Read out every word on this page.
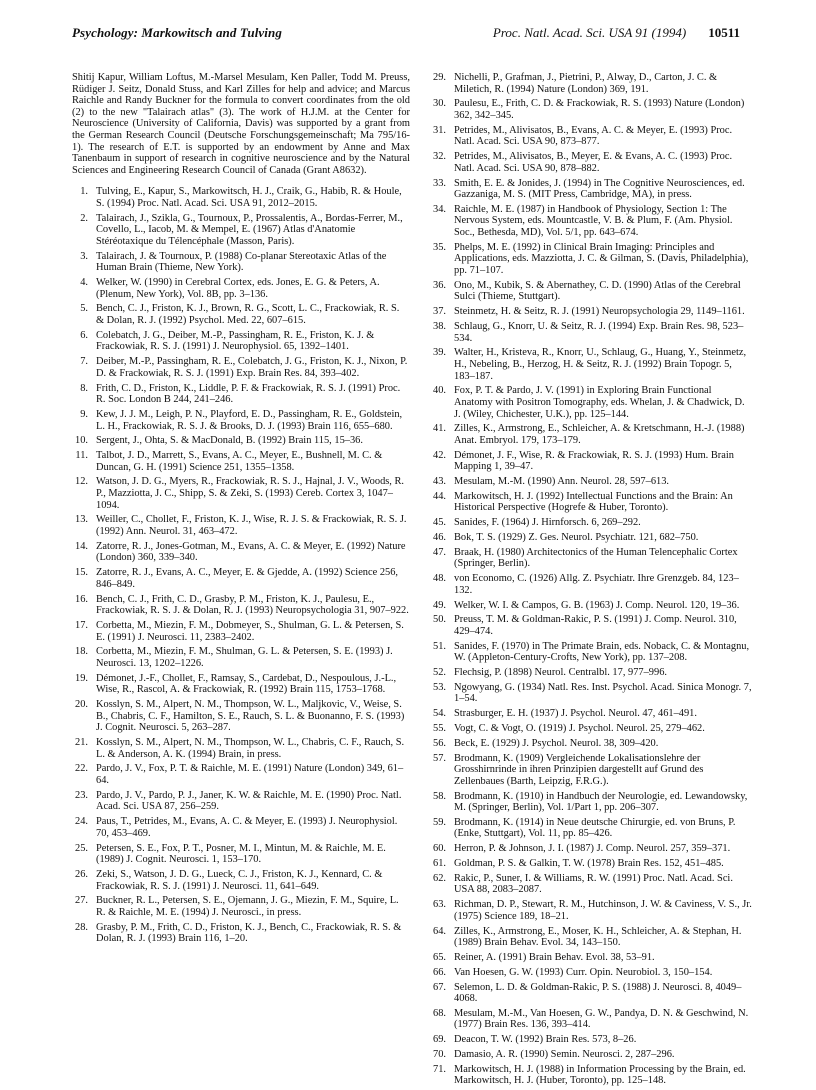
Psychology: Markowitsch and Tulving	Proc. Natl. Acad. Sci. USA 91 (1994) 10511

Shitij Kapur, William Loftus, M.-Marsel Mesulam, Ken Paller, Todd M. Preuss, Rüdiger J. Seitz, Donald Stuss, and Karl Zilles for help and advice; and Marcus Raichle and Randy Buckner for the formula to convert coordinates from the old (2) to the new "Talairach atlas" (3). The work of H.J.M. at the Center for Neuroscience (University of California, Davis) was supported by a grant from the German Research Council (Deutsche Forschungsgemeinschaft; Ma 795/16-1). The research of E.T. is supported by an endowment by Anne and Max Tanenbaum in support of research in cognitive neuroscience and by the Natural Sciences and Engineering Research Council of Canada (Grant A8632).

1. Tulving, E., Kapur, S., Markowitsch, H. J., Craik, G., Habib, R. & Houle, S. (1994) Proc. Natl. Acad. Sci. USA 91, 2012–2015.
2. Talairach, J., Szikla, G., Tournoux, P., Prossalentis, A., Bordas-Ferrer, M., Covello, L., Iacob, M. & Mempel, E. (1967) Atlas d'Anatomie Stéréotaxique du Télencéphale (Masson, Paris).
3. Talairach, J. & Tournoux, P. (1988) Co-planar Stereotaxic Atlas of the Human Brain (Thieme, New York).
4. Welker, W. (1990) in Cerebral Cortex, eds. Jones, E. G. & Peters, A. (Plenum, New York), Vol. 8B, pp. 3–136.
5. Bench, C. J., Friston, K. J., Brown, R. G., Scott, L. C., Frackowiak, R. S. & Dolan, R. J. (1992) Psychol. Med. 22, 607–615.
6. Colebatch, J. G., Deiber, M.-P., Passingham, R. E., Friston, K. J. & Frackowiak, R. S. J. (1991) J. Neurophysiol. 65, 1392–1401.
7. Deiber, M.-P., Passingham, R. E., Colebatch, J. G., Friston, K. J., Nixon, P. D. & Frackowiak, R. S. J. (1991) Exp. Brain Res. 84, 393–402.
8. Frith, C. D., Friston, K., Liddle, P. F. & Frackowiak, R. S. J. (1991) Proc. R. Soc. London B 244, 241–246.
9. Kew, J. J. M., Leigh, P. N., Playford, E. D., Passingham, R. E., Goldstein, L. H., Frackowiak, R. S. J. & Brooks, D. J. (1993) Brain 116, 655–680.
10. Sergent, J., Ohta, S. & MacDonald, B. (1992) Brain 115, 15–36.
11. Talbot, J. D., Marrett, S., Evans, A. C., Meyer, E., Bushnell, M. C. & Duncan, G. H. (1991) Science 251, 1355–1358.
12. Watson, J. D. G., Myers, R., Frackowiak, R. S. J., Hajnal, J. V., Woods, R. P., Mazziotta, J. C., Shipp, S. & Zeki, S. (1993) Cereb. Cortex 3, 1047–1094.
13. Weiller, C., Chollet, F., Friston, K. J., Wise, R. J. S. & Frackowiak, R. S. J. (1992) Ann. Neurol. 31, 463–472.
14. Zatorre, R. J., Jones-Gotman, M., Evans, A. C. & Meyer, E. (1992) Nature (London) 360, 339–340.
15. Zatorre, R. J., Evans, A. C., Meyer, E. & Gjedde, A. (1992) Science 256, 846–849.
16. Bench, C. J., Frith, C. D., Grasby, P. M., Friston, K. J., Paulesu, E., Frackowiak, R. S. J. & Dolan, R. J. (1993) Neuropsychologia 31, 907–922.
17. Corbetta, M., Miezin, F. M., Dobmeyer, S., Shulman, G. L. & Petersen, S. E. (1991) J. Neurosci. 11, 2383–2402.
18. Corbetta, M., Miezin, F. M., Shulman, G. L. & Petersen, S. E. (1993) J. Neurosci. 13, 1202–1226.
19. Démonet, J.-F., Chollet, F., Ramsay, S., Cardebat, D., Nespoulous, J.-L., Wise, R., Rascol, A. & Frackowiak, R. (1992) Brain 115, 1753–1768.
20. Kosslyn, S. M., Alpert, N. M., Thompson, W. L., Maljkovic, V., Weise, S. B., Chabris, C. F., Hamilton, S. E., Rauch, S. L. & Buonanno, F. S. (1993) J. Cognit. Neurosci. 5, 263–287.
21. Kosslyn, S. M., Alpert, N. M., Thompson, W. L., Chabris, C. F., Rauch, S. L. & Anderson, A. K. (1994) Brain, in press.
22. Pardo, J. V., Fox, P. T. & Raichle, M. E. (1991) Nature (London) 349, 61–64.
23. Pardo, J. V., Pardo, P. J., Janer, K. W. & Raichle, M. E. (1990) Proc. Natl. Acad. Sci. USA 87, 256–259.
24. Paus, T., Petrides, M., Evans, A. C. & Meyer, E. (1993) J. Neurophysiol. 70, 453–469.
25. Petersen, S. E., Fox, P. T., Posner, M. I., Mintun, M. & Raichle, M. E. (1989) J. Cognit. Neurosci. 1, 153–170.
26. Zeki, S., Watson, J. D. G., Lueck, C. J., Friston, K. J., Kennard, C. & Frackowiak, R. S. J. (1991) J. Neurosci. 11, 641–649.
27. Buckner, R. L., Petersen, S. E., Ojemann, J. G., Miezin, F. M., Squire, L. R. & Raichle, M. E. (1994) J. Neurosci., in press.
28. Grasby, P. M., Frith, C. D., Friston, K. J., Bench, C., Frackowiak, R. S. & Dolan, R. J. (1993) Brain 116, 1–20.
29. Nichelli, P., Grafman, J., Pietrini, P., Alway, D., Carton, J. C. & Miletich, R. (1994) Nature (London) 369, 191.
30. Paulesu, E., Frith, C. D. & Frackowiak, R. S. (1993) Nature (London) 362, 342–345.
31. Petrides, M., Alivisatos, B., Evans, A. C. & Meyer, E. (1993) Proc. Natl. Acad. Sci. USA 90, 873–877.
32. Petrides, M., Alivisatos, B., Meyer, E. & Evans, A. C. (1993) Proc. Natl. Acad. Sci. USA 90, 878–882.
33. Smith, E. E. & Jonides, J. (1994) in The Cognitive Neurosciences, ed. Gazzaniga, M. S. (MIT Press, Cambridge, MA), in press.
34. Raichle, M. E. (1987) in Handbook of Physiology, Section 1: The Nervous System, eds. Mountcastle, V. B. & Plum, F. (Am. Physiol. Soc., Bethesda, MD), Vol. 5/1, pp. 643–674.
35. Phelps, M. E. (1992) in Clinical Brain Imaging: Principles and Applications, eds. Mazziotta, J. C. & Gilman, S. (Davis, Philadelphia), pp. 71–107.
36. Ono, M., Kubik, S. & Abernathey, C. D. (1990) Atlas of the Cerebral Sulci (Thieme, Stuttgart).
37. Steinmetz, H. & Seitz, R. J. (1991) Neuropsychologia 29, 1149–1161.
38. Schlaug, G., Knorr, U. & Seitz, R. J. (1994) Exp. Brain Res. 98, 523–534.
39. Walter, H., Kristeva, R., Knorr, U., Schlaug, G., Huang, Y., Steinmetz, H., Nebeling, B., Herzog, H. & Seitz, R. J. (1992) Brain Topogr. 5, 183–187.
40. Fox, P. T. & Pardo, J. V. (1991) in Exploring Brain Functional Anatomy with Positron Tomography, eds. Whelan, J. & Chadwick, D. J. (Wiley, Chichester, U.K.), pp. 125–144.
41. Zilles, K., Armstrong, E., Schleicher, A. & Kretschmann, H.-J. (1988) Anat. Embryol. 179, 173–179.
42. Démonet, J. F., Wise, R. & Frackowiak, R. S. J. (1993) Hum. Brain Mapping 1, 39–47.
43. Mesulam, M.-M. (1990) Ann. Neurol. 28, 597–613.
44. Markowitsch, H. J. (1992) Intellectual Functions and the Brain: An Historical Perspective (Hogrefe & Huber, Toronto).
45. Sanides, F. (1964) J. Hirnforsch. 6, 269–292.
46. Bok, T. S. (1929) Z. Ges. Neurol. Psychiatr. 121, 682–750.
47. Braak, H. (1980) Architectonics of the Human Telencephalic Cortex (Springer, Berlin).
48. von Economo, C. (1926) Allg. Z. Psychiatr. Ihre Grenzgeb. 84, 123–132.
49. Welker, W. I. & Campos, G. B. (1963) J. Comp. Neurol. 120, 19–36.
50. Preuss, T. M. & Goldman-Rakic, P. S. (1991) J. Comp. Neurol. 310, 429–474.
51. Sanides, F. (1970) in The Primate Brain, eds. Noback, C. & Montagnu, W. (Appleton-Century-Crofts, New York), pp. 137–208.
52. Flechsig, P. (1898) Neurol. Centralbl. 17, 977–996.
53. Ngowyang, G. (1934) Natl. Res. Inst. Psychol. Acad. Sinica Monogr. 7, 1–54.
54. Strasburger, E. H. (1937) J. Psychol. Neurol. 47, 461–491.
55. Vogt, C. & Vogt, O. (1919) J. Psychol. Neurol. 25, 279–462.
56. Beck, E. (1929) J. Psychol. Neurol. 38, 309–420.
57. Brodmann, K. (1909) Vergleichende Lokalisationslehre der Grosshirnrinde in ihren Prinzipien dargestellt auf Grund des Zellenbaues (Barth, Leipzig, F.R.G.).
58. Brodmann, K. (1910) in Handbuch der Neurologie, ed. Lewandowsky, M. (Springer, Berlin), Vol. 1/Part 1, pp. 206–307.
59. Brodmann, K. (1914) in Neue deutsche Chirurgie, ed. von Bruns, P. (Enke, Stuttgart), Vol. 11, pp. 85–426.
60. Herron, P. & Johnson, J. I. (1987) J. Comp. Neurol. 257, 359–371.
61. Goldman, P. S. & Galkin, T. W. (1978) Brain Res. 152, 451–485.
62. Rakic, P., Suner, I. & Williams, R. W. (1991) Proc. Natl. Acad. Sci. USA 88, 2083–2087.
63. Richman, D. P., Stewart, R. M., Hutchinson, J. W. & Caviness, V. S., Jr. (1975) Science 189, 18–21.
64. Zilles, K., Armstrong, E., Moser, K. H., Schleicher, A. & Stephan, H. (1989) Brain Behav. Evol. 34, 143–150.
65. Reiner, A. (1991) Brain Behav. Evol. 38, 53–91.
66. Van Hoesen, G. W. (1993) Curr. Opin. Neurobiol. 3, 150–154.
67. Selemon, L. D. & Goldman-Rakic, P. S. (1988) J. Neurosci. 8, 4049–4068.
68. Mesulam, M.-M., Van Hoesen, G. W., Pandya, D. N. & Geschwind, N. (1977) Brain Res. 136, 393–414.
69. Deacon, T. W. (1992) Brain Res. 573, 8–26.
70. Damasio, A. R. (1990) Semin. Neurosci. 2, 287–296.
71. Markowitsch, H. J. (1988) in Information Processing by the Brain, ed. Markowitsch, H. J. (Huber, Toronto), pp. 125–148.
